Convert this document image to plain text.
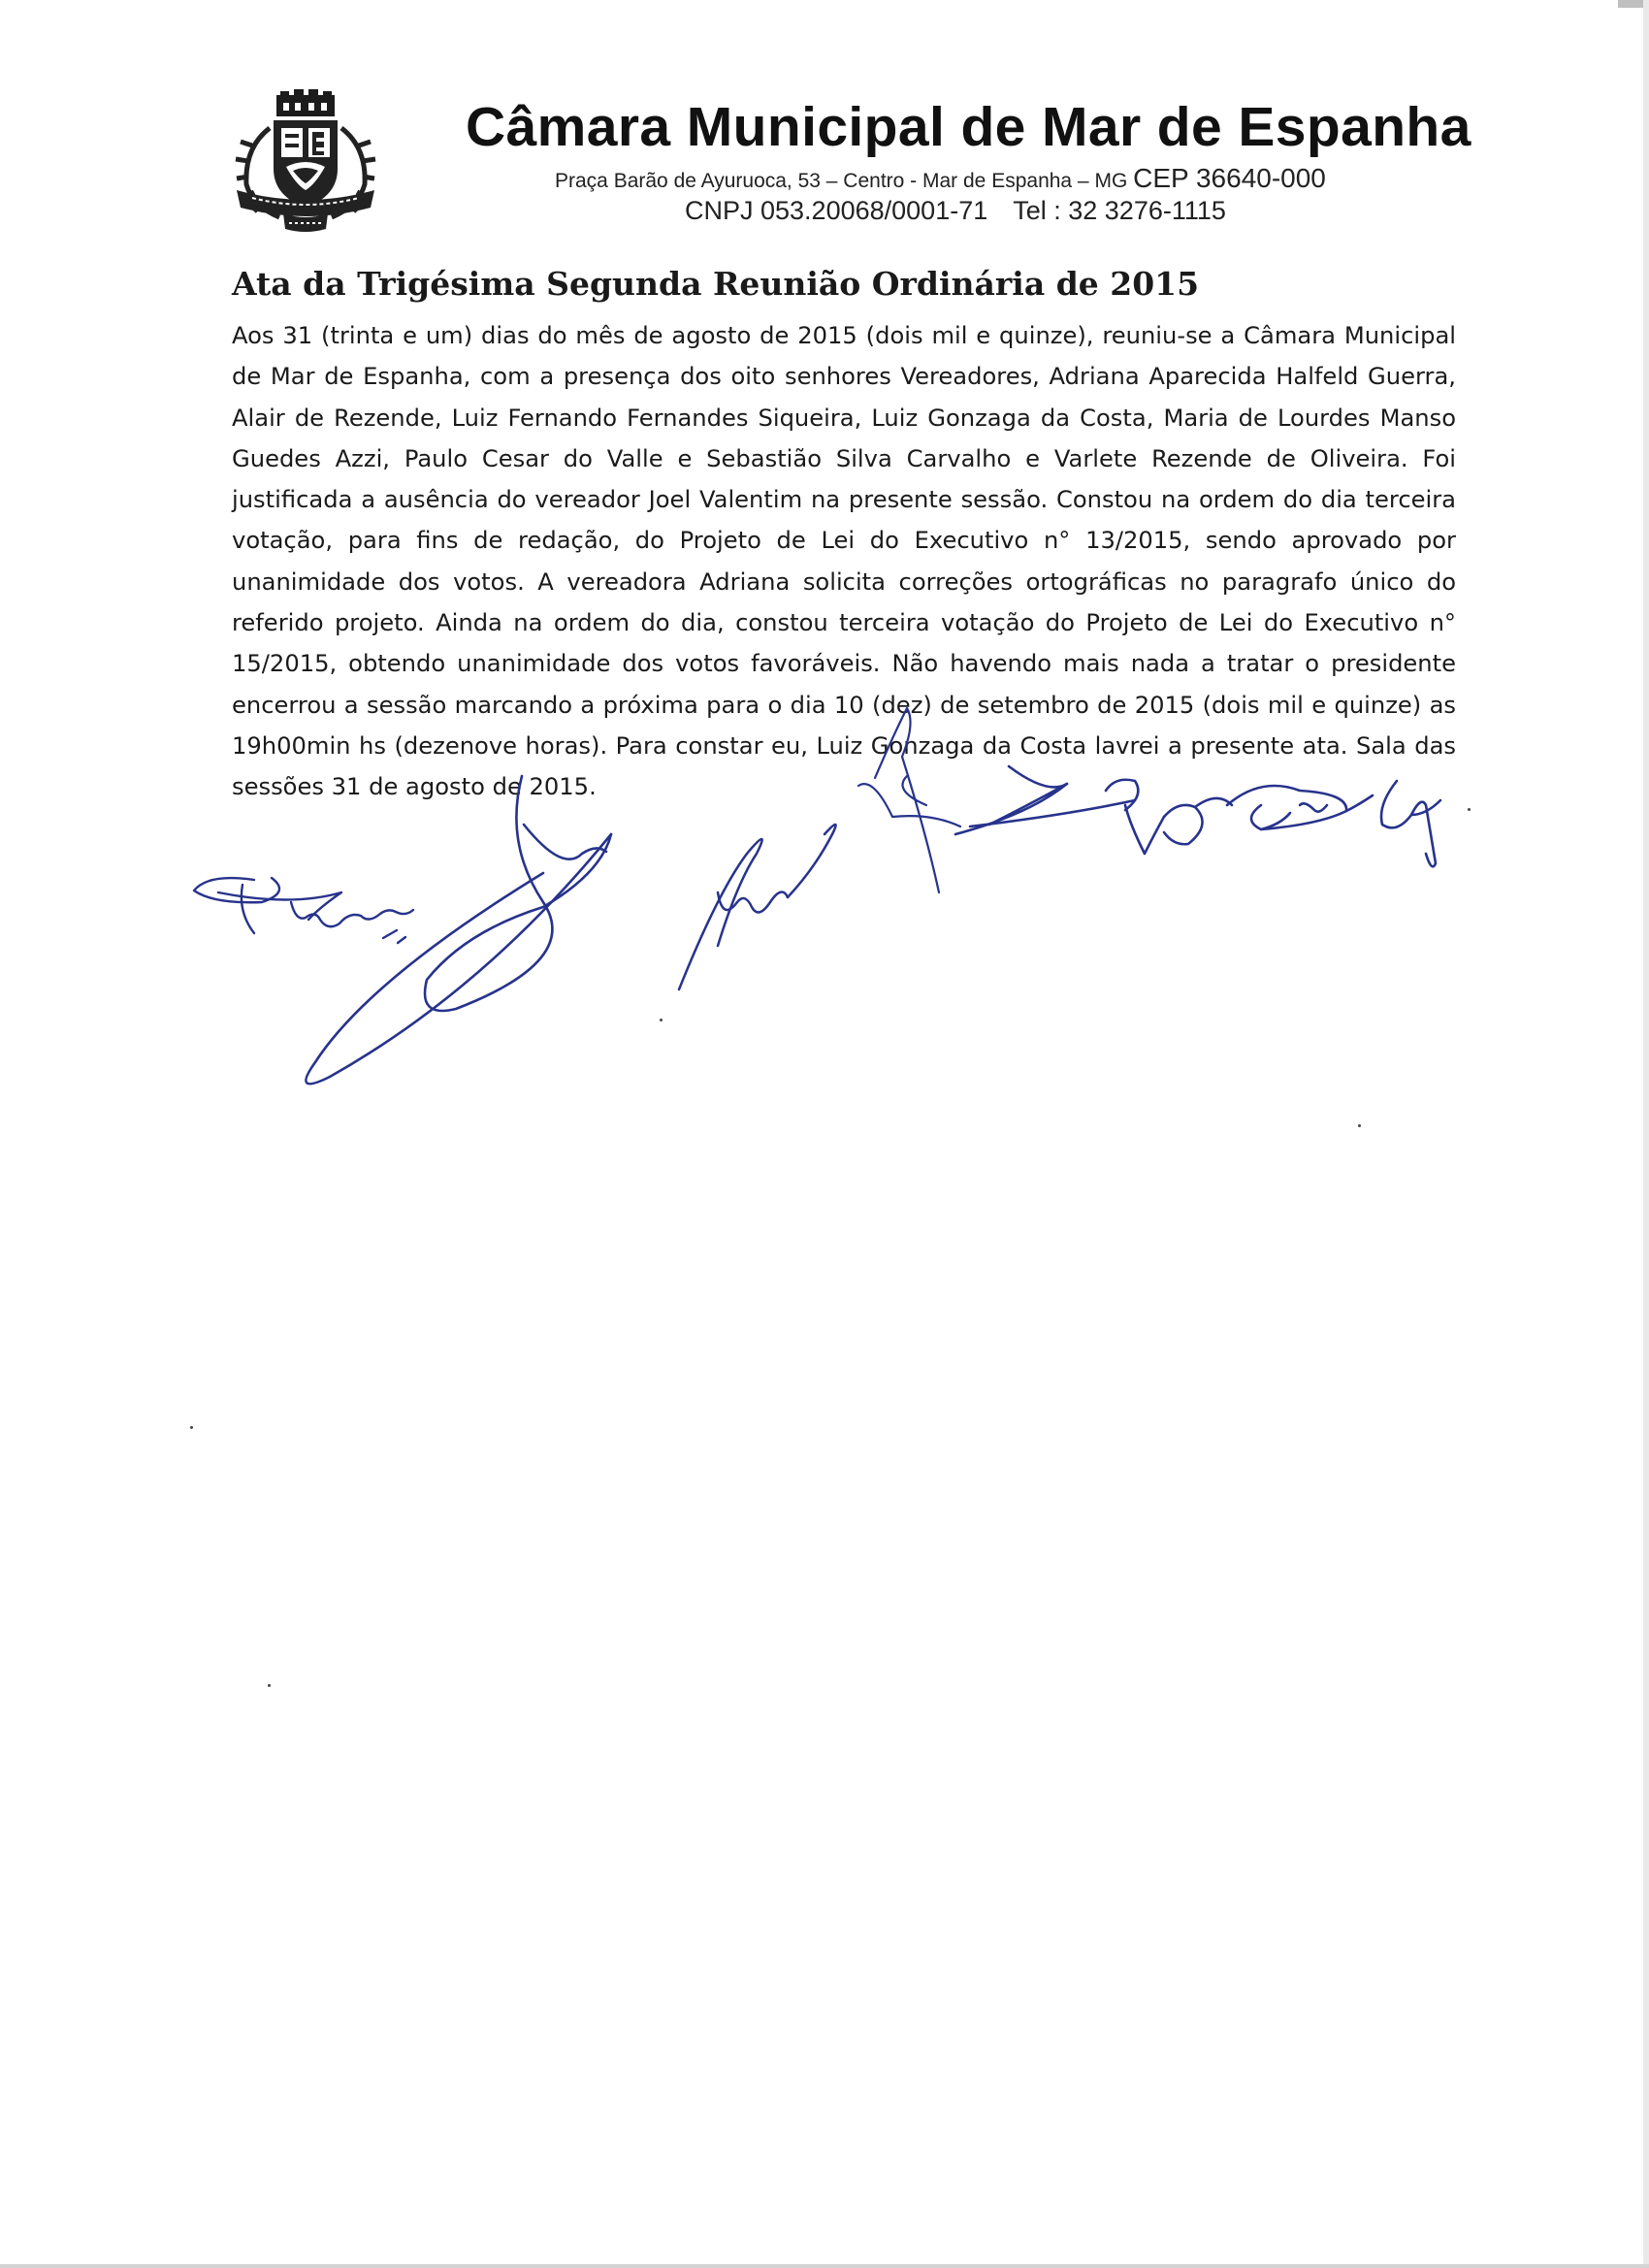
Câmara Municipal de Mar de Espanha
Praça Barão de Ayuruoca, 53 – Centro - Mar de Espanha – MG CEP 36640-000
CNPJ 053.20068/0001-71 Tel : 32 3276-1115
Ata da Trigésima Segunda Reunião Ordinária de 2015
Aos 31 (trinta e um) dias do mês de agosto de 2015 (dois mil e quinze), reuniu-se a Câmara Municipal de Mar de Espanha, com a presença dos oito senhores Vereadores, Adriana Aparecida Halfeld Guerra, Alair de Rezende, Luiz Fernando Fernandes Siqueira, Luiz Gonzaga da Costa, Maria de Lourdes Manso Guedes Azzi, Paulo Cesar do Valle e Sebastião Silva Carvalho e Varlete Rezende de Oliveira. Foi justificada a ausência do vereador Joel Valentim na presente sessão. Constou na ordem do dia terceira votação, para fins de redação, do Projeto de Lei do Executivo n° 13/2015, sendo aprovado por unanimidade dos votos. A vereadora Adriana solicita correções ortográficas no paragrafo único do referido projeto. Ainda na ordem do dia, constou terceira votação do Projeto de Lei do Executivo n° 15/2015, obtendo unanimidade dos votos favoráveis. Não havendo mais nada a tratar o presidente encerrou a sessão marcando a próxima para o dia 10 (dez) de setembro de 2015 (dois mil e quinze) as 19h00min hs (dezenove horas). Para constar eu, Luiz Gonzaga da Costa lavrei a presente ata. Sala das sessões 31 de agosto de 2015.
